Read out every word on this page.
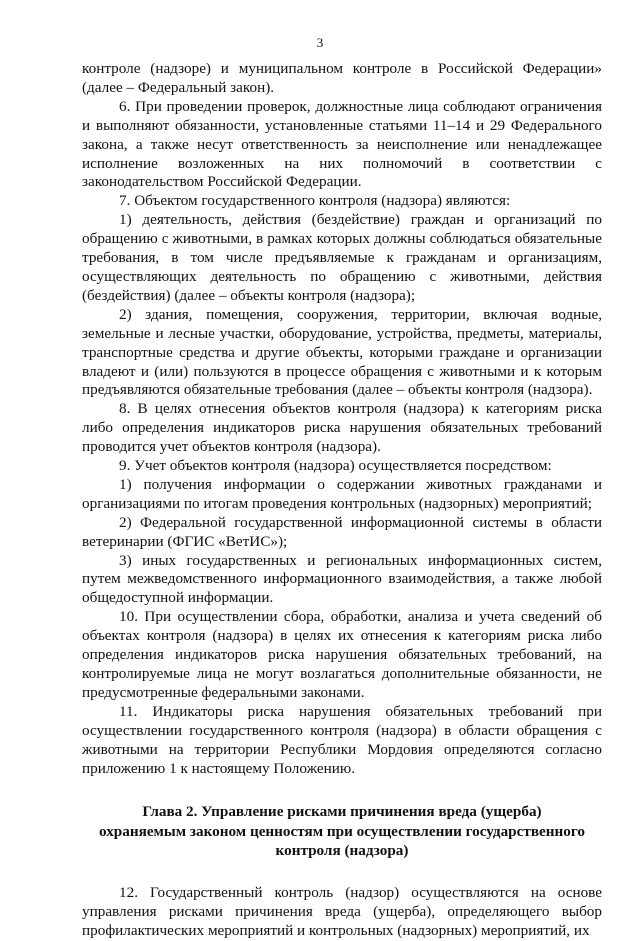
3

контроле (надзоре) и муниципальном контроле в Российской Федерации» (далее – Федеральный закон).

6. При проведении проверок, должностные лица соблюдают ограничения и выполняют обязанности, установленные статьями 11–14 и 29 Федерального закона, а также несут ответственность за неисполнение или ненадлежащее исполнение возложенных на них полномочий в соответствии с законодательством Российской Федерации.

7. Объектом государственного контроля (надзора) являются:

1) деятельность, действия (бездействие) граждан и организаций по обращению с животными, в рамках которых должны соблюдаться обязательные требования, в том числе предъявляемые к гражданам и организациям, осуществляющих деятельность по обращению с животными, действия (бездействия) (далее – объекты контроля (надзора);

2) здания, помещения, сооружения, территории, включая водные, земельные и лесные участки, оборудование, устройства, предметы, материалы, транспортные средства и другие объекты, которыми граждане и организации владеют и (или) пользуются в процессе обращения с животными и к которым предъявляются обязательные требования (далее – объекты контроля (надзора).

8. В целях отнесения объектов контроля (надзора) к категориям риска либо определения индикаторов риска нарушения обязательных требований проводится учет объектов контроля (надзора).

9. Учет объектов контроля (надзора) осуществляется посредством:

1) получения информации о содержании животных гражданами и организациями по итогам проведения контрольных (надзорных) мероприятий;

2) Федеральной государственной информационной системы в области ветеринарии (ФГИС «ВетИС»);

3) иных государственных и региональных информационных систем, путем межведомственного информационного взаимодействия, а также любой общедоступной информации.

10. При осуществлении сбора, обработки, анализа и учета сведений об объектах контроля (надзора) в целях их отнесения к категориям риска либо определения индикаторов риска нарушения обязательных требований, на контролируемые лица не могут возлагаться дополнительные обязанности, не предусмотренные федеральными законами.

11. Индикаторы риска нарушения обязательных требований при осуществлении государственного контроля (надзора) в области обращения с животными на территории Республики Мордовия определяются согласно приложению 1 к настоящему Положению.

Глава 2. Управление рисками причинения вреда (ущерба)
охраняемым законом ценностям при осуществлении государственного
контроля (надзора)

12. Государственный контроль (надзор) осуществляются на основе управления рисками причинения вреда (ущерба), определяющего выбор профилактических мероприятий и контрольных (надзорных) мероприятий, их
